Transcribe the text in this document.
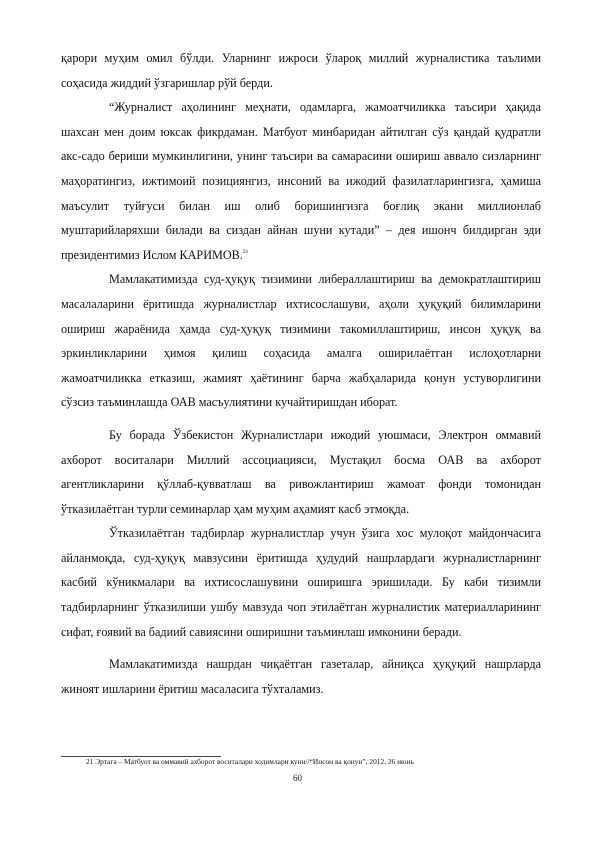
қарори муҳим омил бўлди. Уларнинг ижроси ўлароқ миллий журналистика таълими соҳасида жиддий ўзгаришлар рўй берди.

“Журналист аҳолининг меҳнати, одамларга, жамоатчиликка таъсири ҳақида шахсан мен доим юксак фикрдаман. Матбуот минбаридан айтилган сўз қандай қудратли акс-садо бериши мумкинлигини, унинг таъсири ва самарасини ошириш аввало сизларнинг маҳоратингиз, ижтимоий позициянгиз, инсоний ва ижодий фазилатларингизга, ҳамиша маъсулит туйғуси билан иш олиб боришингизга боғлиқ экани миллионлаб муштарийларяхши билади ва сиздан айнан шуни кутади” – дея ишонч билдирган эди президентимиз Ислом КАРИМОВ.$^{21}$

Мамлакатимизда суд-ҳуқуқ тизимини либераллаштириш ва демократлаштириш масалаларини ёритишда журналистлар ихтисослашуви, аҳоли ҳуқуқий билимларини ошириш жараёнида ҳамда суд-ҳуқуқ тизимини такомиллаштириш, инсон ҳуқуқ ва эркинликларини ҳимоя қилиш соҳасида амалга оширилаётган ислоҳотларни жамоатчиликка етказиш, жамият ҳаётининг барча жабҳаларида қонун устуворлигини сўзсиз таъминлашда ОАВ масъулиятини кучайтиришдан иборат.

Бу борада Ўзбекистон Журналистлари ижодий уюшмаси, Электрон оммавий ахборот воситалари Миллий ассоциацияси, Мустақил босма ОАВ ва ахборот агентликларини қўллаб-қувватлаш ва ривожлантириш жамоат фонди томонидан ўтказилаётган турли семинарлар ҳам муҳим аҳамият касб этмоқда.

Ўтказилаётган тадбирлар журналистлар учун ўзига хос мулоқот майдончасига айланмоқда, суд-ҳуқуқ мавзусини ёритишда ҳудудий нашрлардаги журналистларнинг касбий кўникмалари ва ихтисослашувини оширишга эришилади. Бу каби тизимли тадбирларнинг ўтказилиши ушбу мавзуда чоп этилаётган журналистик материалларининг сифат, ғоявий ва бадиий савиясини оширишни таъминлаш имконини беради.

Мамлакатимизда нашрдан чиқаётган газеталар, айниқса ҳуқуқий нашрларда жиноят ишларини ёритиш масаласига тўхталамиз.

21 Эртага – Матбуот ва оммавий ахборот воситалари ходимлари куни//“Инсон ва қонун”, 2012, 26 июнь
60
